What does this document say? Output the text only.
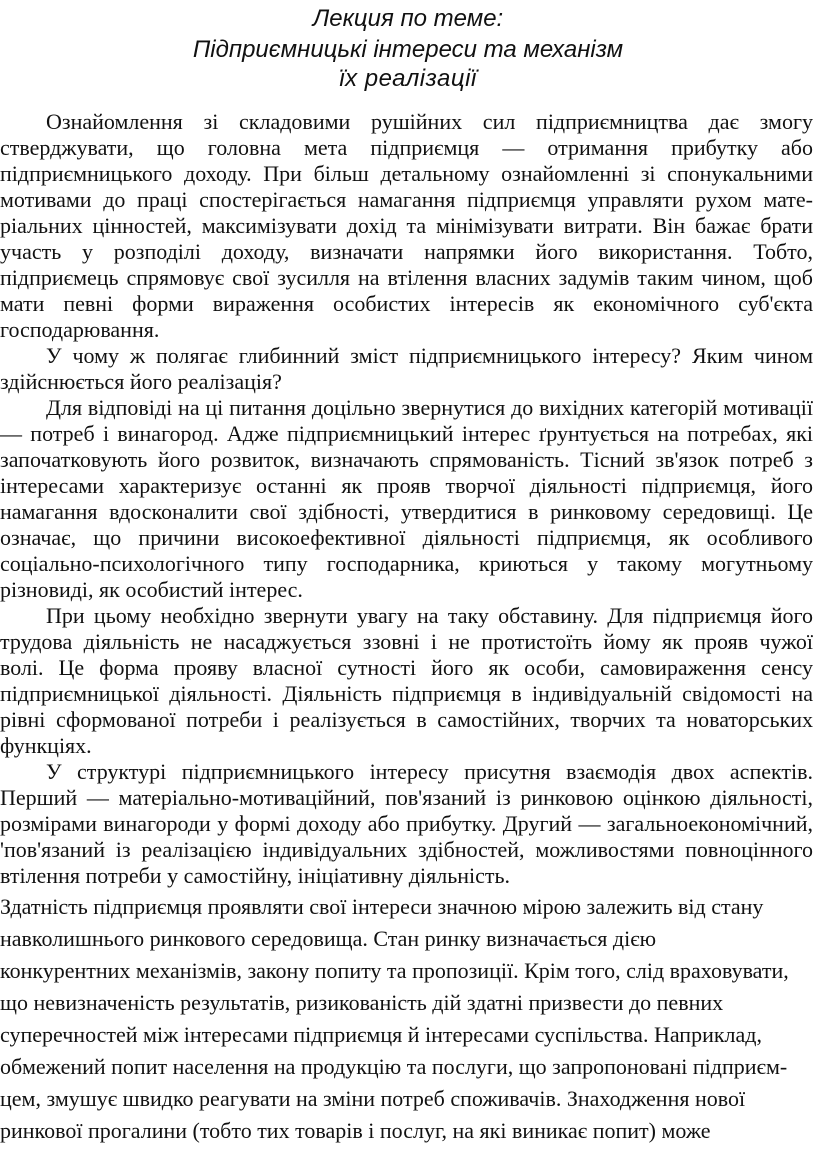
Лекция по теме:
Підприємницькі інтереси та механізм
їх реалізації
Ознайомлення зі складовими рушійних сил підприємництва дає змогу
стверджувати, що головна мета підприємця — отримання прибутку або
підприємницького доходу. При більш детальному ознайомленні зі спонукальними
мотивами до праці спостерігається намагання підприємця управляти рухом мате-
ріальних цінностей, максимізувати дохід та мінімізувати витрати. Він бажає брати
участь у розподілі доходу, визначати напрямки його використання. Тобто,
підприємець спрямовує свої зусилля на втілення власних задумів таким чином, щоб
мати певні форми вираження особистих інтересів як економічного суб'єкта
господарювання.
У чому ж полягає глибинний зміст підприємницького інтересу? Яким чином
здійснюється його реалізація?
Для відповіді на ці питання доцільно звернутися до вихідних категорій мотивації
— потреб і винагород. Адже підприємницький інтерес ґрунтується на потребах, які
започатковують його розвиток, визначають спрямованість. Тісний зв'язок потреб з
інтересами характеризує останні як прояв творчої діяльності підприємця, його
намагання вдосконалити свої здібності, утвердитися в ринковому середовищі. Це
означає, що причини високоефективної діяльності підприємця, як особливого
соціально-психологічного типу господарника, криються у такому могутньому
різновиді, як особистий інтерес.
При цьому необхідно звернути увагу на таку обставину. Для підприємця його
трудова діяльність не насаджується ззовні і не протистоїть йому як прояв чужої
волі. Це форма прояву власної сутності його як особи, самовираження сенсу
підприємницької діяльності. Діяльність підприємця в індивідуальній свідомості на
рівні сформованої потреби і реалізується в самостійних, творчих та новаторських
функціях.
У структурі підприємницького інтересу присутня взаємодія двох аспектів.
Перший — матеріально-мотиваційний, пов'язаний із ринковою оцінкою діяльності,
розмірами винагороди у формі доходу або прибутку. Другий — загальноекономічний,
'пов'язаний із реалізацією індивідуальних здібностей, можливостями повноцінного
втілення потреби у самостійну, ініціативну діяльність.
Здатність підприємця проявляти свої інтереси значною мірою залежить від стану
навколишнього ринкового середовища. Стан ринку визначається дією
конкурентних механізмів, закону попиту та пропозиції. Крім того, слід враховувати,
що невизначеність результатів, ризикованість дій здатні призвести до певних
суперечностей між інтересами підприємця й інтересами суспільства. Наприклад,
обмежений попит населення на продукцію та послуги, що запропоновані підприєм-
цем, змушує швидко реагувати на зміни потреб споживачів. Знаходження нової
ринкової прогалини (тобто тих товарів і послуг, на які виникає попит) може
